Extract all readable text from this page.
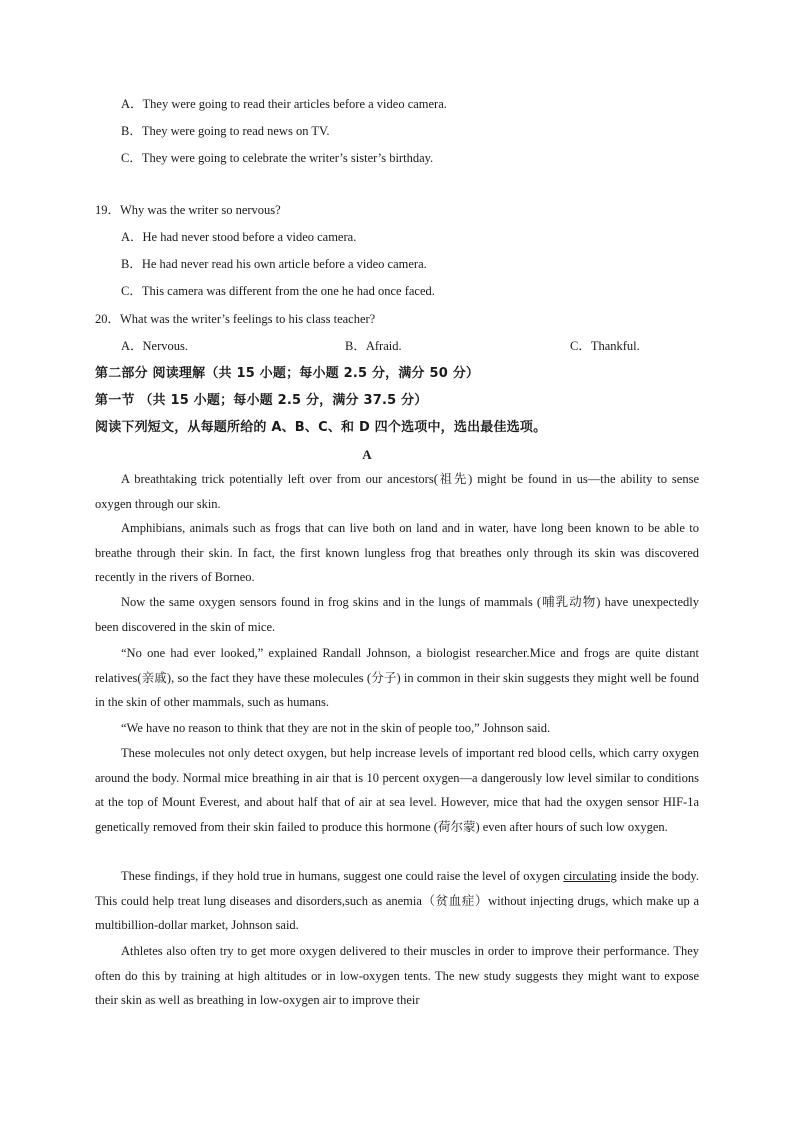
A．They were going to read their articles before a video camera.
B．They were going to read news on TV.
C．They were going to celebrate the writer’s sister’s birthday.
19．Why was the writer so nervous?
A．He had never stood before a video camera.
B．He had never read his own article before a video camera.
C．This camera was different from the one he had once faced.
20．What was the writer’s feelings to his class teacher?
A．Nervous.	B．Afraid.	C．Thankful.
第二部分 阅读理解（共 15 小题；每小题 2.5 分，满分 50 分）
第一节 （共 15 小题；每小题 2.5 分，满分 37.5 分）
阅读下列短文，从每题所给的 A、B、C、和 D 四个选项中，选出最佳选项。
A
A breathtaking trick potentially left over from our ancestors(祖先) might be found in us—the ability to sense oxygen through our skin.
Amphibians, animals such as frogs that can live both on land and in water, have long been known to be able to breathe through their skin. In fact, the first known lungless frog that breathes only through its skin was discovered recently in the rivers of Borneo.
Now the same oxygen sensors found in frog skins and in the lungs of mammals (哺乳动物) have unexpectedly been discovered in the skin of mice.
“No one had ever looked,” explained Randall Johnson, a biologist researcher.Mice and frogs are quite distant relatives(亲戚), so the fact they have these molecules (分子) in common in their skin suggests they might well be found in the skin of other mammals, such as humans.
“We have no reason to think that they are not in the skin of people too,” Johnson said.
These molecules not only detect oxygen, but help increase levels of important red blood cells, which carry oxygen around the body. Normal mice breathing in air that is 10 percent oxygen—a dangerously low level similar to conditions at the top of Mount Everest, and about half that of air at sea level. However, mice that had the oxygen sensor HIF-1a genetically removed from their skin failed to produce this hormone (荷尔蒙) even after hours of such low oxygen.
These findings, if they hold true in humans, suggest one could raise the level of oxygen circulating inside the body. This could help treat lung diseases and disorders,such as anemia（贫血症）without injecting drugs, which make up a multibillion-dollar market, Johnson said.
Athletes also often try to get more oxygen delivered to their muscles in order to improve their performance. They often do this by training at high altitudes or in low-oxygen tents. The new study suggests they might want to expose their skin as well as breathing in low-oxygen air to improve their
